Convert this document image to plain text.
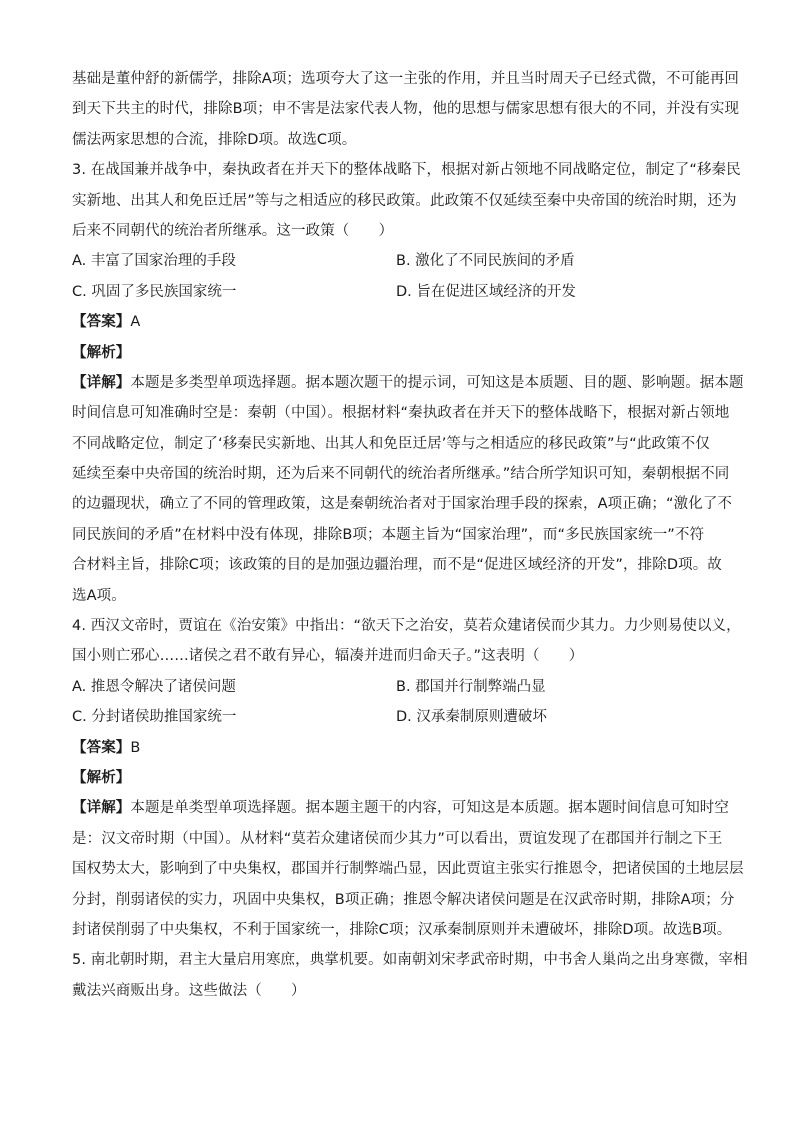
基础是董仲舒的新儒学，排除A项；选项夸大了这一主张的作用，并且当时周天子已经式微，不可能再回
到天下共主的时代，排除B项；申不害是法家代表人物，他的思想与儒家思想有很大的不同，并没有实现
儒法两家思想的合流，排除D项。故选C项。
3. 在战国兼并战争中，秦执政者在并天下的整体战略下，根据对新占领地不同战略定位，制定了“移秦民
实新地、出其人和免臣迁居”等与之相适应的移民政策。此政策不仅延续至秦中央帝国的统治时期，还为
后来不同朝代的统治者所继承。这一政策（　　）
A. 丰富了国家治理的手段	B. 激化了不同民族间的矛盾
C. 巩固了多民族国家统一	D. 旨在促进区域经济的开发
【答案】A
【解析】
【详解】本题是多类型单项选择题。据本题次题干的提示词，可知这是本质题、目的题、影响题。据本题
时间信息可知准确时空是：秦朝（中国）。根据材料“秦执政者在并天下的整体战略下，根据对新占领地
不同战略定位，制定了‘移秦民实新地、出其人和免臣迁居’等与之相适应的移民政策”与“此政策不仅
延续至秦中央帝国的统治时期，还为后来不同朝代的统治者所继承。”结合所学知识可知，秦朝根据不同
的边疆现状，确立了不同的管理政策，这是秦朝统治者对于国家治理手段的探索，A项正确；“激化了不
同民族间的矛盾”在材料中没有体现，排除B项；本题主旨为“国家治理”，而“多民族国家统一”不符
合材料主旨，排除C项；该政策的目的是加强边疆治理，而不是“促进区域经济的开发”，排除D项。故
选A项。
4. 西汉文帝时，贾谊在《治安策》中指出：“欲天下之治安，莫若众建诸侯而少其力。力少则易使以义，
国小则亡邪心……诸侯之君不敢有异心，辐凑并进而归命天子。”这表明（　　）
A. 推恩令解决了诸侯问题	B. 郡国并行制弊端凸显
C. 分封诸侯助推国家统一	D. 汉承秦制原则遭破坏
【答案】B
【解析】
【详解】本题是单类型单项选择题。据本题主题干的内容，可知这是本质题。据本题时间信息可知时空
是：汉文帝时期（中国）。从材料“莫若众建诸侯而少其力”可以看出，贾谊发现了在郡国并行制之下王
国权势太大，影响到了中央集权，郡国并行制弊端凸显，因此贾谊主张实行推恩令，把诸侯国的土地层层
分封，削弱诸侯的实力，巩固中央集权，B项正确；推恩令解决诸侯问题是在汉武帝时期，排除A项；分
封诸侯削弱了中央集权，不利于国家统一，排除C项；汉承秦制原则并未遭破坏，排除D项。故选B项。
5. 南北朝时期，君主大量启用寒庶，典掌机要。如南朝刘宋孝武帝时期，中书舍人巢尚之出身寒微，宰相
戴法兴商贩出身。这些做法（　　）
